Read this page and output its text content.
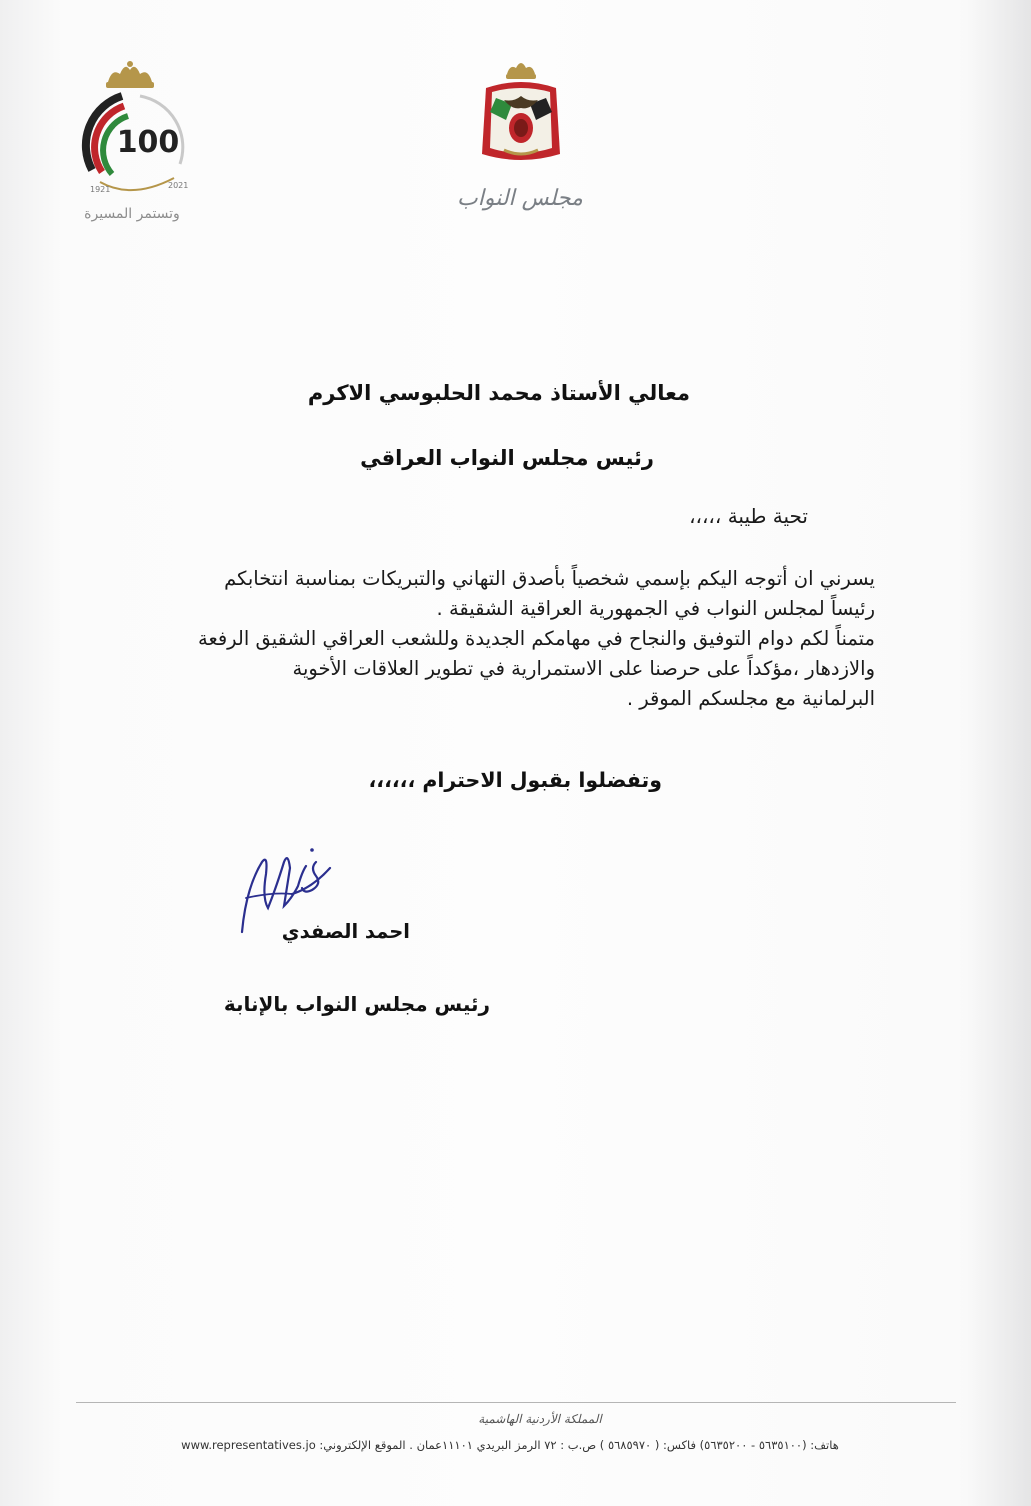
100
1921	2021
وتستمر المسيرة
مجلس النواب
معالي الأستاذ محمد الحلبوسي الاكرم
رئيس مجلس النواب العراقي
تحية طيبة ،،،،،
يسرني ان أتوجه اليكم بإسمي شخصياً بأصدق التهاني والتبريكات بمناسبة انتخابكم
رئيساً لمجلس النواب في الجمهورية العراقية الشقيقة .
متمناً لكم دوام التوفيق والنجاح في مهامكم الجديدة وللشعب العراقي الشقيق الرفعة
والازدهار ،مؤكداً على حرصنا على الاستمرارية في تطوير العلاقات الأخوية
البرلمانية مع مجلسكم الموقر .
وتفضلوا بقبول الاحترام ،،،،،،
احمد الصفدي
رئيس مجلس النواب بالإنابة
المملكة الأردنية الهاشمية
هاتف: (٥٦٣٥١٠٠ - ٥٦٣٥٢٠٠) فاكس: ( ٥٦٨٥٩٧٠ ) ص.ب : ٧٢ الرمز البريدي ١١١٠١عمان . الموقع الإلكتروني: www.representatives.jo
